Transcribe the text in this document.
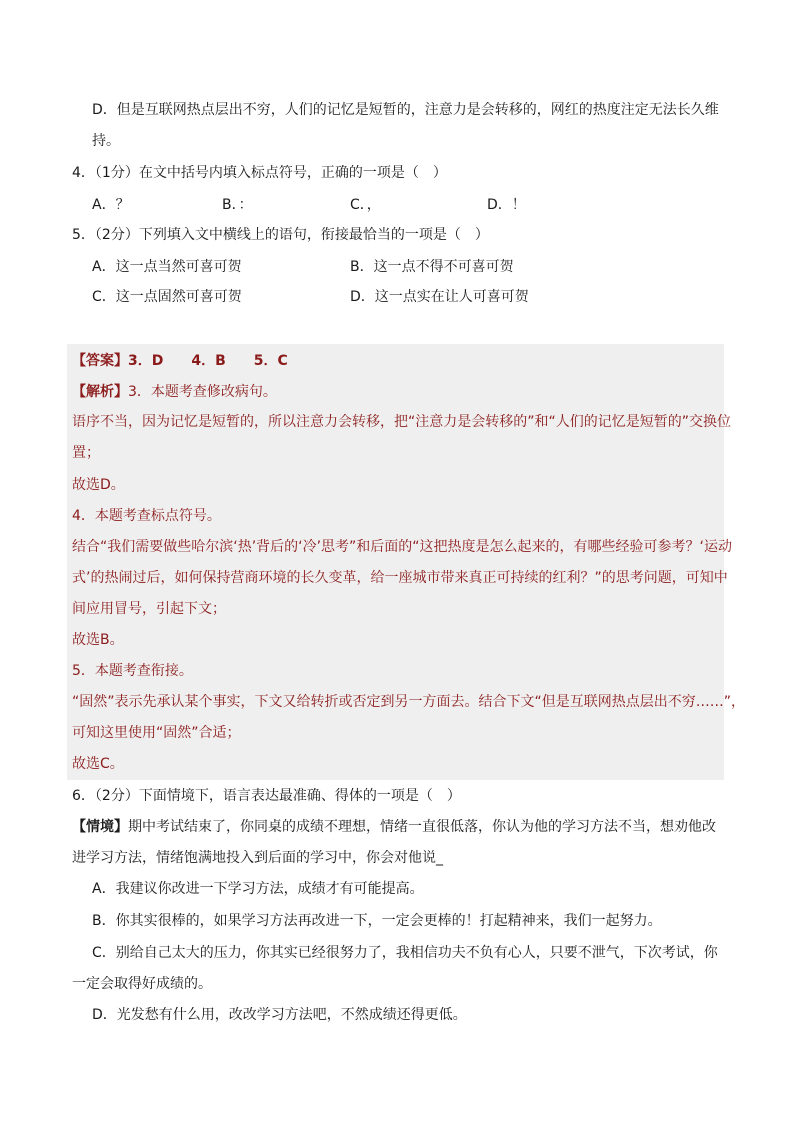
D．但是互联网热点层出不穷，人们的记忆是短暂的，注意力是会转移的，网红的热度注定无法长久维
持。
4．（1分）在文中括号内填入标点符号，正确的一项是（　）
A．？	B．：	C．，	D．！
5．（2分）下列填入文中横线上的语句，衔接最恰当的一项是（　）
A．这一点当然可喜可贺	B．这一点不得不可喜可贺
C．这一点固然可喜可贺	D．这一点实在让人可喜可贺
【答案】3．D　　4．B　　5．C
【解析】3．本题考查修改病句。
语序不当，因为记忆是短暂的，所以注意力会转移，把“注意力是会转移的”和“人们的记忆是短暂的”交换位
置；
故选D。
4．本题考查标点符号。
结合“我们需要做些哈尔滨‘热’背后的‘冷’思考”和后面的“这把热度是怎么起来的，有哪些经验可参考？‘运动
式’的热闹过后，如何保持营商环境的长久变革，给一座城市带来真正可持续的红利？”的思考问题，可知中
间应用冒号，引起下文；
故选B。
5．本题考查衔接。
“固然”表示先承认某个事实，下文又给转折或否定到另一方面去。结合下文“但是互联网热点层出不穷……”，
可知这里使用“固然”合适；
故选C。
6．（2分）下面情境下，语言表达最准确、得体的一项是（　）
【情境】期中考试结束了，你同桌的成绩不理想，情绪一直很低落，你认为他的学习方法不当，想劝他改
进学习方法，情绪饱满地投入到后面的学习中，你会对他说_
A．我建议你改进一下学习方法，成绩才有可能提高。
B．你其实很棒的，如果学习方法再改进一下，一定会更棒的！打起精神来，我们一起努力。
C．别给自己太大的压力，你其实已经很努力了，我相信功夫不负有心人，只要不泄气，下次考试，你
一定会取得好成绩的。
D．光发愁有什么用，改改学习方法吧，不然成绩还得更低。
